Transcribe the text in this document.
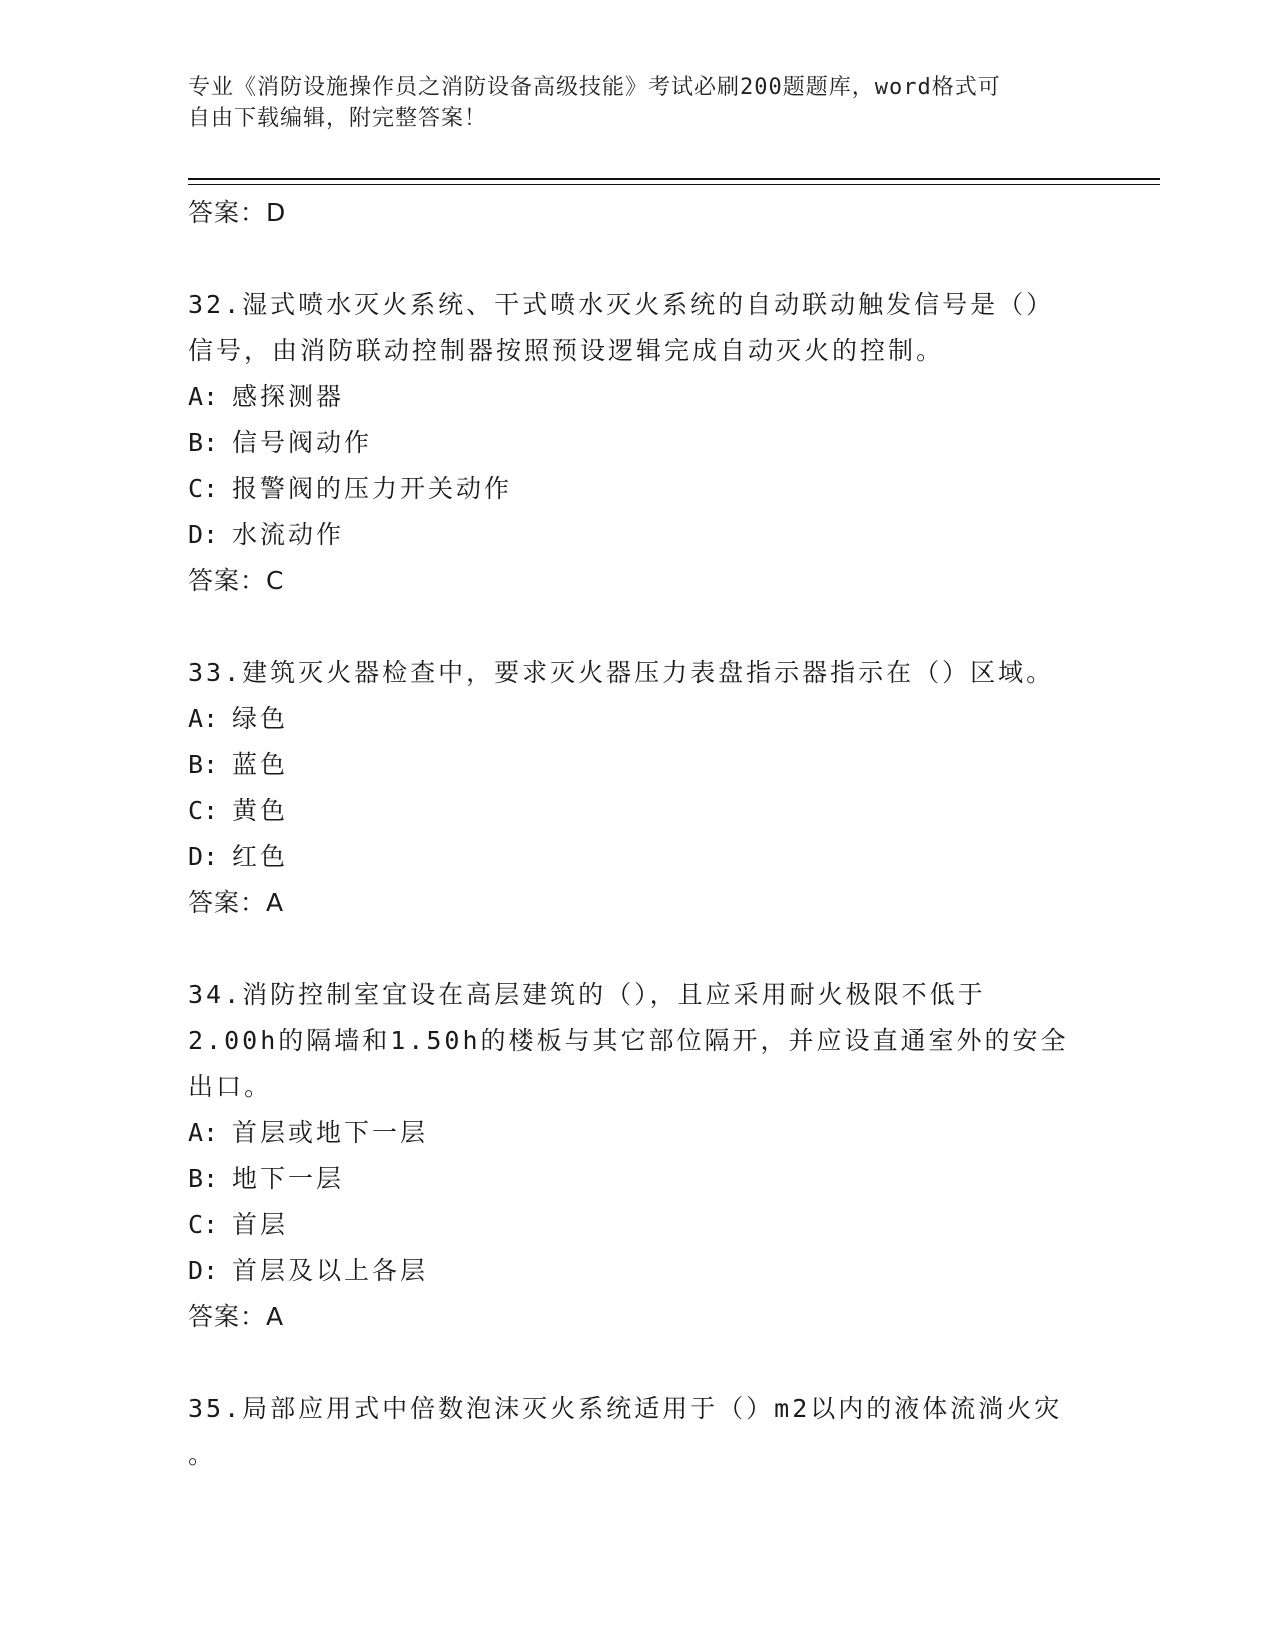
专业《消防设施操作员之消防设备高级技能》考试必刷200题题库，word格式可
自由下载编辑，附完整答案！

答案：D

32.湿式喷水灭火系统、干式喷水灭火系统的自动联动触发信号是（）

信号，由消防联动控制器按照预设逻辑完成自动灭火的控制。

A: 感探测器

B: 信号阀动作

C: 报警阀的压力开关动作

D: 水流动作

答案：C

33.建筑灭火器检查中，要求灭火器压力表盘指示器指示在（）区域。

A: 绿色

B: 蓝色

C: 黄色

D: 红色

答案：A

34.消防控制室宜设在高层建筑的（），且应采用耐火极限不低于

2.00h的隔墙和1.50h的楼板与其它部位隔开，并应设直通室外的安全

出口。

A: 首层或地下一层

B: 地下一层

C: 首层

D: 首层及以上各层

答案：A

35.局部应用式中倍数泡沫灭火系统适用于（）m2以内的液体流淌火灾

。
